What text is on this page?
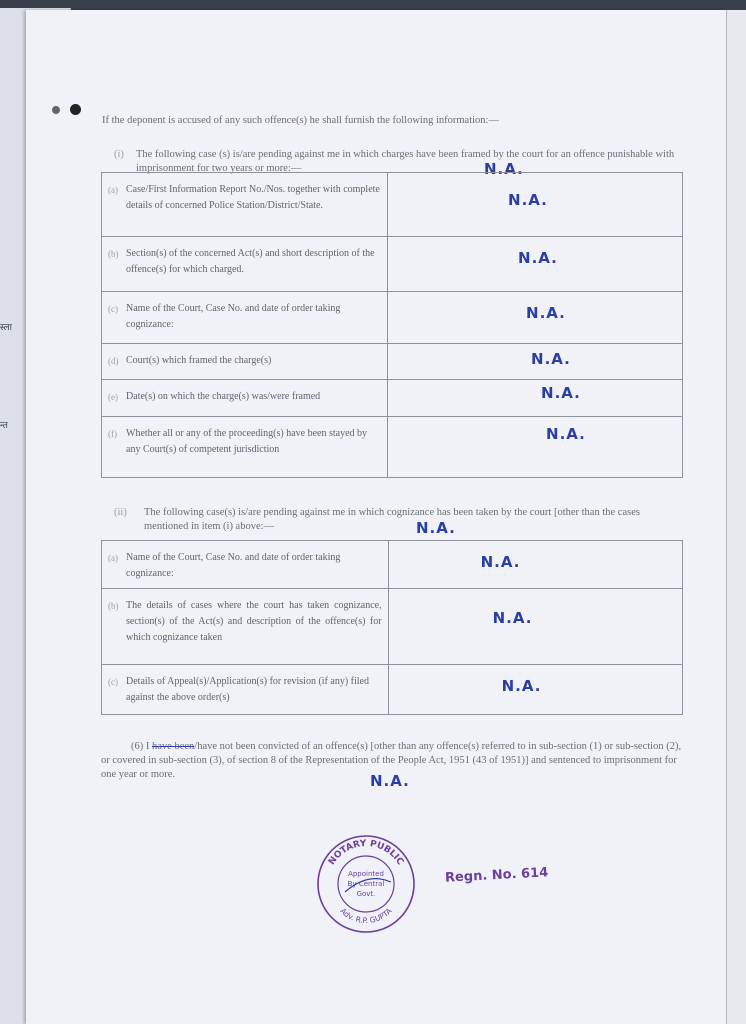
स्ला
न्त
If the deponent is accused of any such offence(s) he shall furnish the following information:—
(i) The following case (s) is/are pending against me in which charges have been framed by the court for an offence punishable with imprisonment for two years or more:—	N.A.
(a) Case/First Information Report No./Nos. together with complete details of concerned Police Station/District/State.	N.A.

(b) Section(s) of the concerned Act(s) and short description of the offence(s) for which charged.	N.A.

(c) Name of the Court, Case No. and date of order taking cognizance:	N.A.

(d) Court(s) which framed the charge(s)	N.A.

(e) Date(s) on which the charge(s) was/were framed	N.A.

(f) Whether all or any of the proceeding(s) have been stayed by any Court(s) of competent jurisdiction	N.A.
(ii) The following case(s) is/are pending against me in which cognizance has been taken by the court [other than the cases mentioned in item (i) above:—	N.A.
(a) Name of the Court, Case No. and date of order taking cognizance:	N.A.

(b) The details of cases where the court has taken cognizance, section(s) of the Act(s) and description of the offence(s) for which cognizance taken	N.A.

(c) Details of Appeal(s)/Application(s) for revision (if any) filed against the above order(s)	N.A.
(6) I have been/have not been convicted of an offence(s) [other than any offence(s) referred to in sub-section (1) or sub-section (2), or covered in sub-section (3), of section 8 of the Representation of the People Act, 1951 (43 of 1951)] and sentenced to imprisonment for one year or more.	N.A.
NOTARY PUBLIC
Adv. R.P. GUPTA
Appointed
By Central
Govt.
Regn. No. 614
